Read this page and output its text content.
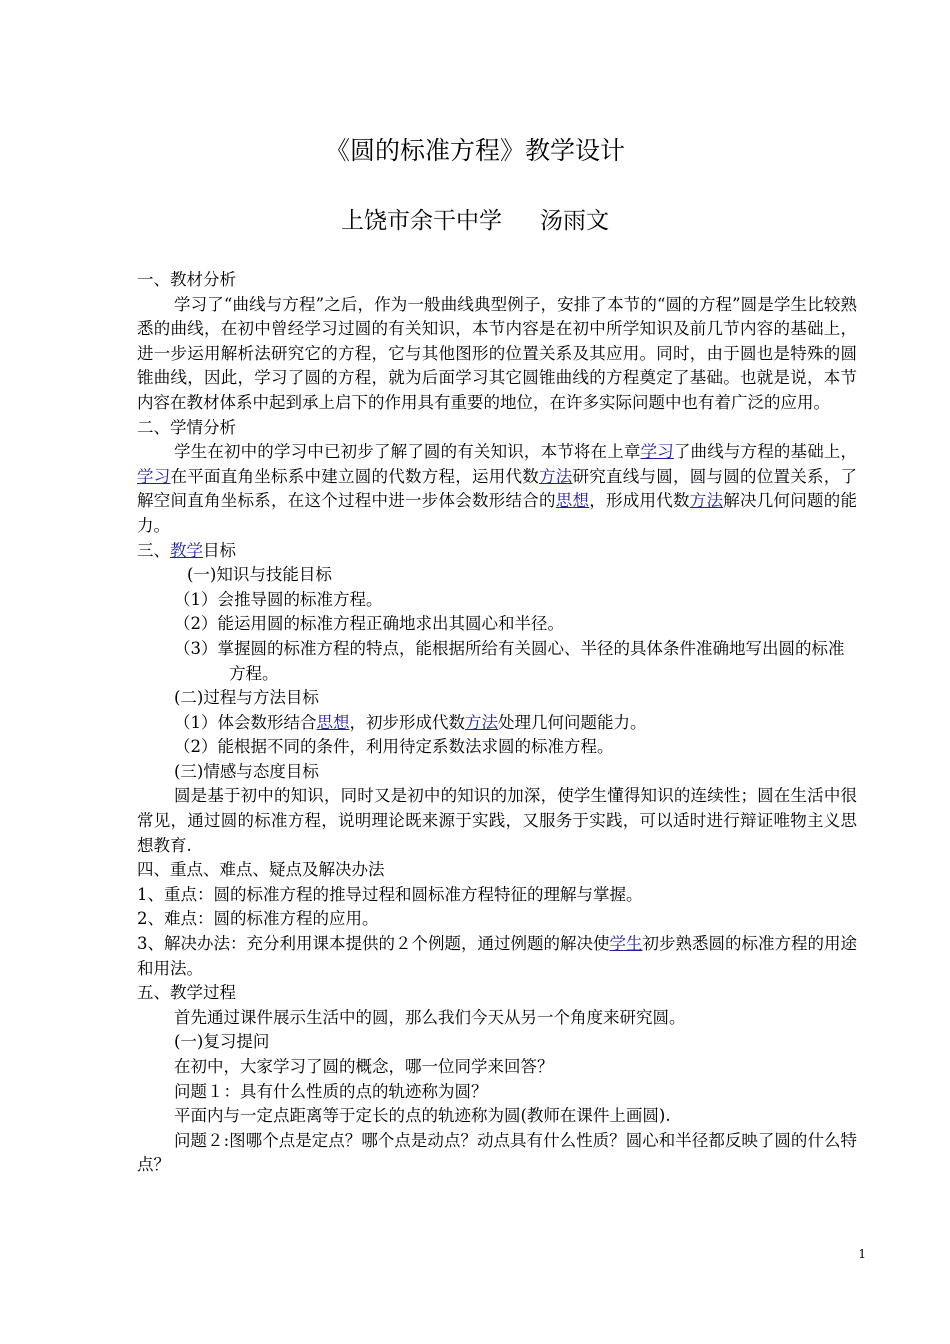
《圆的标准方程》教学设计
上饶市余干中学 汤雨文

一、教材分析

学习了“曲线与方程”之后，作为一般曲线典型例子，安排了本节的“圆的方程”圆是学生比较熟悉的曲线，在初中曾经学习过圆的有关知识，本节内容是在初中所学知识及前几节内容的基础上，进一步运用解析法研究它的方程，它与其他图形的位置关系及其应用。同时，由于圆也是特殊的圆锥曲线，因此，学习了圆的方程，就为后面学习其它圆锥曲线的方程奠定了基础。也就是说，本节内容在教材体系中起到承上启下的作用具有重要的地位，在许多实际问题中也有着广泛的应用。

二、学情分析

学生在初中的学习中已初步了解了圆的有关知识，本节将在上章学习了曲线与方程的基础上，学习在平面直角坐标系中建立圆的代数方程，运用代数方法研究直线与圆，圆与圆的位置关系，了解空间直角坐标系，在这个过程中进一步体会数形结合的思想，形成用代数方法解决几何问题的能力。

三、教学目标

(一)知识与技能目标

（1）会推导圆的标准方程。

（2）能运用圆的标准方程正确地求出其圆心和半径。

（3）掌握圆的标准方程的特点，能根据所给有关圆心、半径的具体条件准确地写出圆的标准方程。

(二)过程与方法目标

（1）体会数形结合思想，初步形成代数方法处理几何问题能力。

（2）能根据不同的条件，利用待定系数法求圆的标准方程。

(三)情感与态度目标

圆是基于初中的知识，同时又是初中的知识的加深，使学生懂得知识的连续性；圆在生活中很常见，通过圆的标准方程，说明理论既来源于实践，又服务于实践，可以适时进行辩证唯物主义思想教育.

四、重点、难点、疑点及解决办法

1、重点：圆的标准方程的推导过程和圆标准方程特征的理解与掌握。

2、难点：圆的标准方程的应用。

3、解决办法：充分利用课本提供的２个例题，通过例题的解决使学生初步熟悉圆的标准方程的用途和用法。

五、教学过程

首先通过课件展示生活中的圆，那么我们今天从另一个角度来研究圆。

(一)复习提问

在初中，大家学习了圆的概念，哪一位同学来回答？

问题１：具有什么性质的点的轨迹称为圆？

平面内与一定点距离等于定长的点的轨迹称为圆(教师在课件上画圆).

问题２:图哪个点是定点？哪个点是动点？动点具有什么性质？圆心和半径都反映了圆的什么特点？

1
